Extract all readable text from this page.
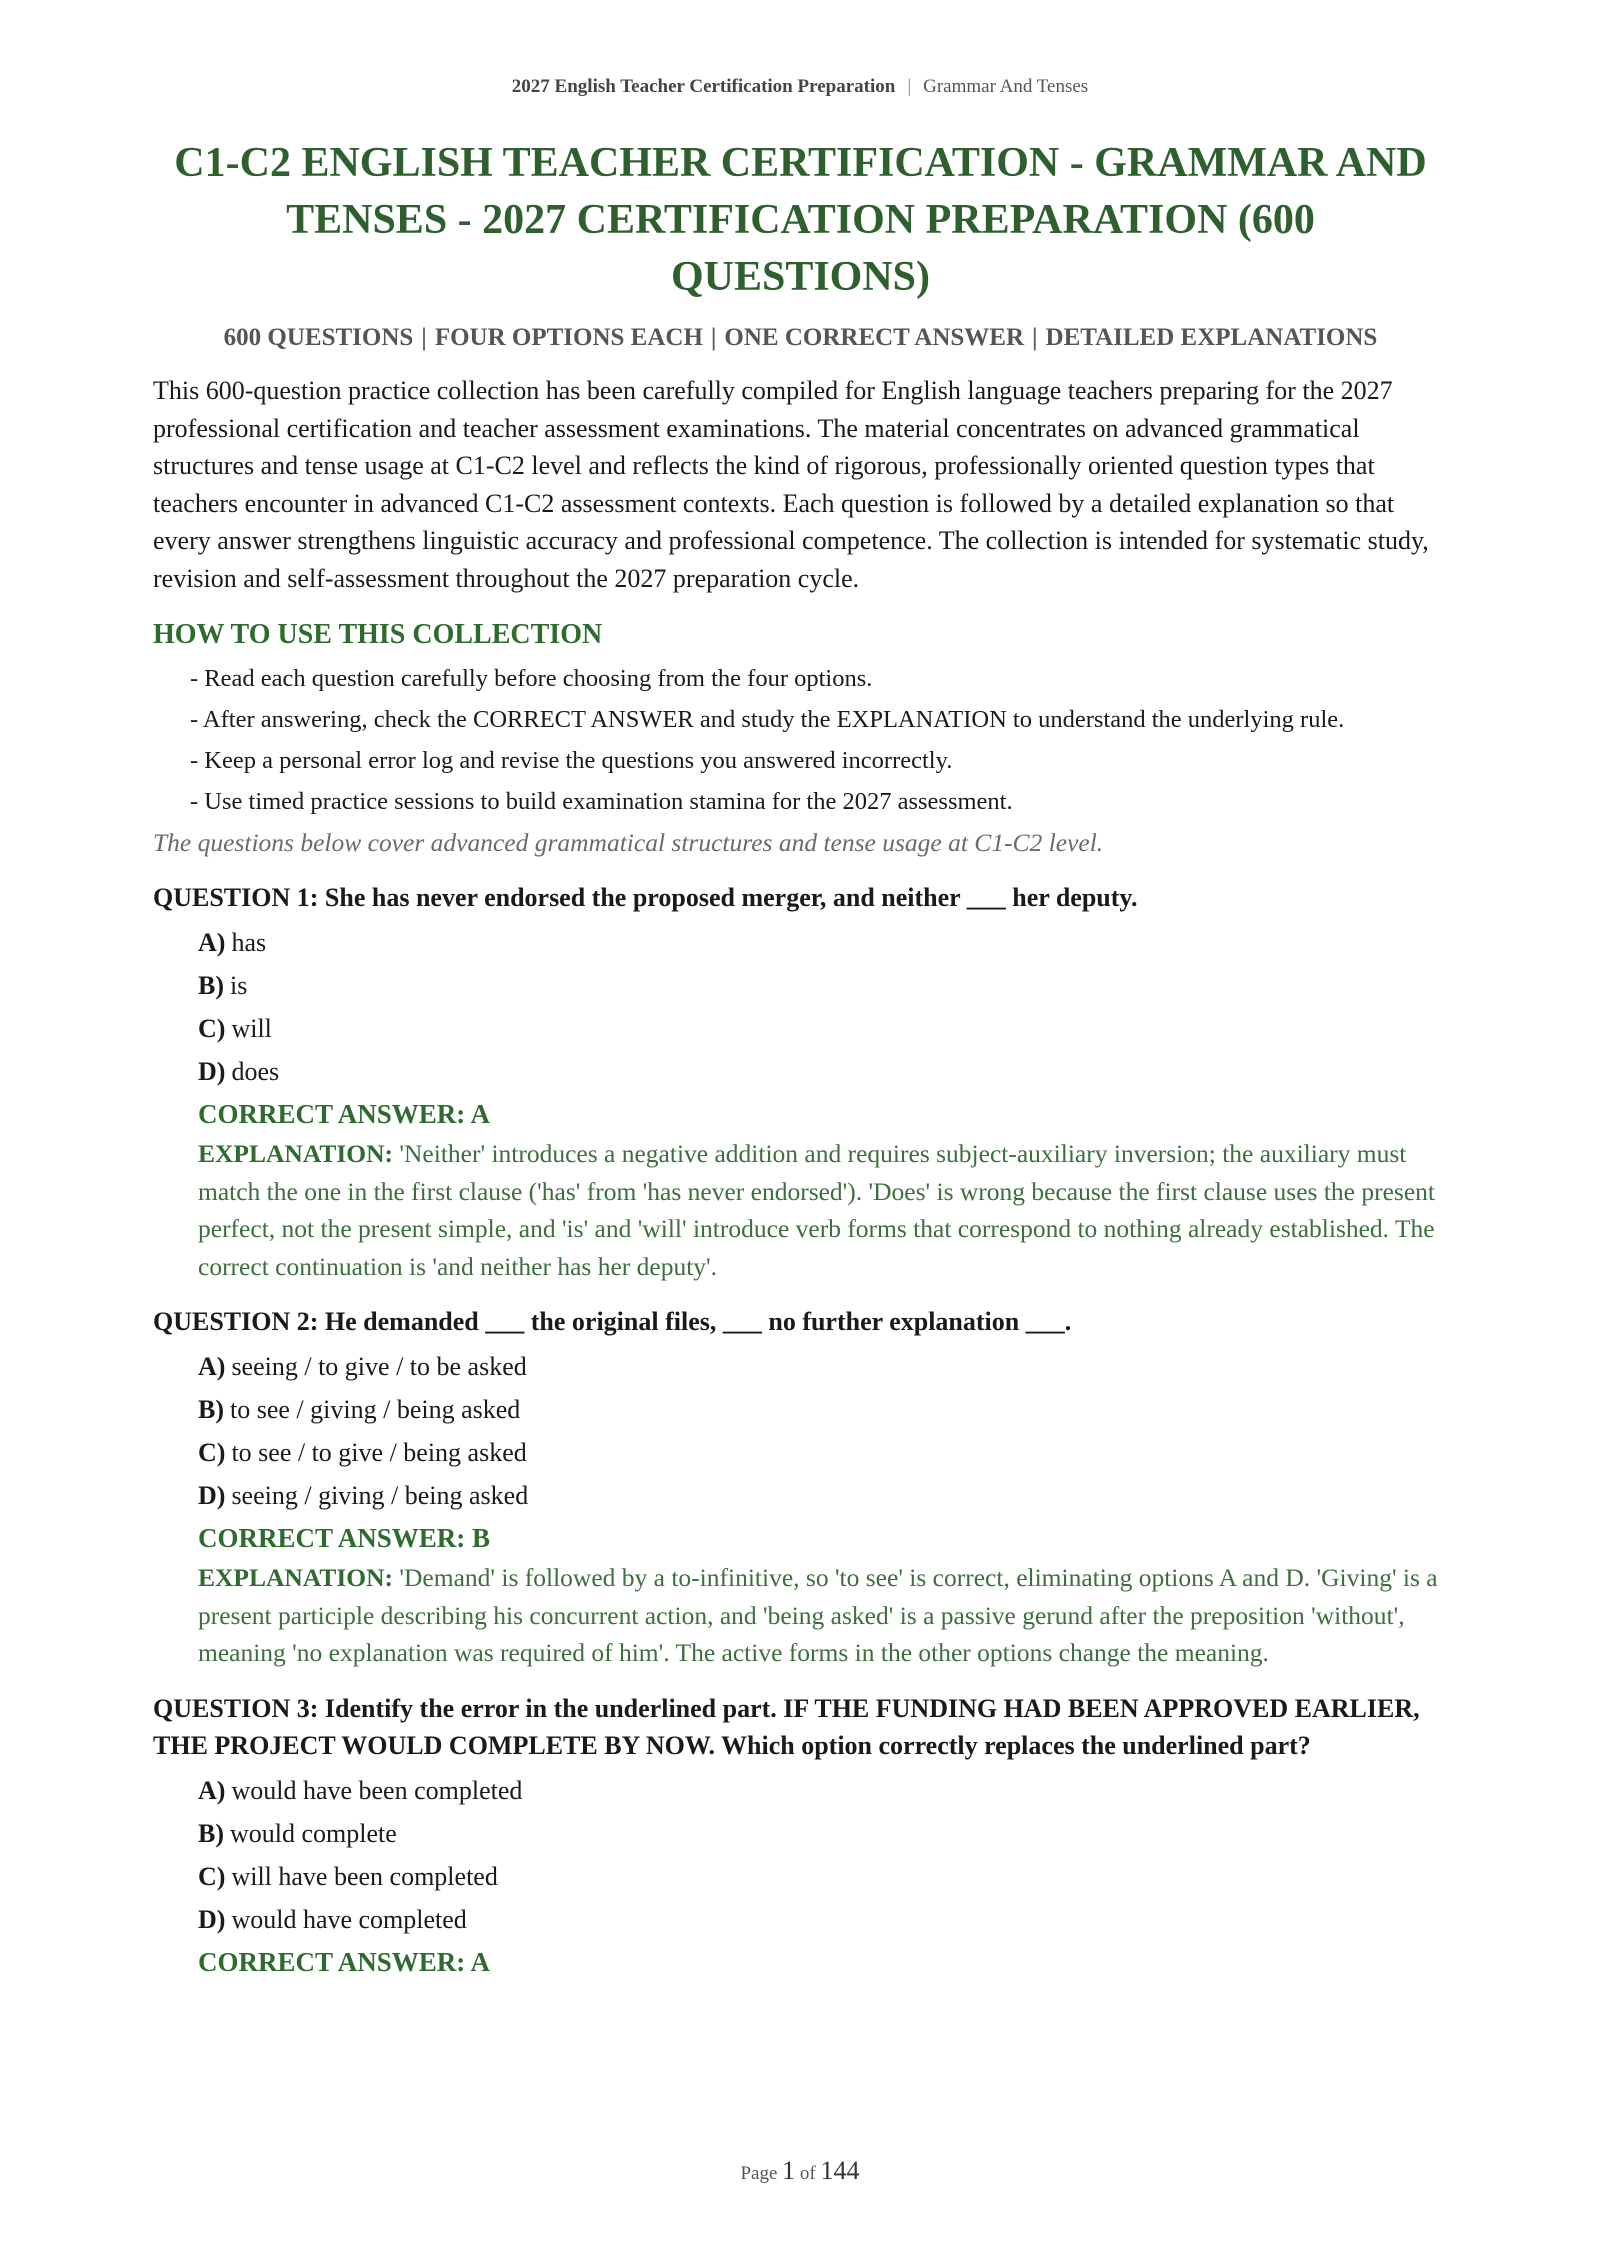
2027 English Teacher Certification Preparation | Grammar And Tenses
C1-C2 ENGLISH TEACHER CERTIFICATION - GRAMMAR AND TENSES - 2027 CERTIFICATION PREPARATION (600 QUESTIONS)
600 QUESTIONS | FOUR OPTIONS EACH | ONE CORRECT ANSWER | DETAILED EXPLANATIONS

This 600-question practice collection has been carefully compiled for English language teachers preparing for the 2027 professional certification and teacher assessment examinations. The material concentrates on advanced grammatical structures and tense usage at C1-C2 level and reflects the kind of rigorous, professionally oriented question types that teachers encounter in advanced C1-C2 assessment contexts. Each question is followed by a detailed explanation so that every answer strengthens linguistic accuracy and professional competence. The collection is intended for systematic study, revision and self-assessment throughout the 2027 preparation cycle.

HOW TO USE THIS COLLECTION
- Read each question carefully before choosing from the four options.
- After answering, check the CORRECT ANSWER and study the EXPLANATION to understand the underlying rule.
- Keep a personal error log and revise the questions you answered incorrectly.
- Use timed practice sessions to build examination stamina for the 2027 assessment.

The questions below cover advanced grammatical structures and tense usage at C1-C2 level.

QUESTION 1: She has never endorsed the proposed merger, and neither ___ her deputy.

A) has
B) is
C) will
D) does
CORRECT ANSWER: A
EXPLANATION: 'Neither' introduces a negative addition and requires subject-auxiliary inversion; the auxiliary must match the one in the first clause ('has' from 'has never endorsed'). 'Does' is wrong because the first clause uses the present perfect, not the present simple, and 'is' and 'will' introduce verb forms that correspond to nothing already established. The correct continuation is 'and neither has her deputy'.

QUESTION 2: He demanded ___ the original files, ___ no further explanation ___.

A) seeing / to give / to be asked
B) to see / giving / being asked
C) to see / to give / being asked
D) seeing / giving / being asked
CORRECT ANSWER: B
EXPLANATION: 'Demand' is followed by a to-infinitive, so 'to see' is correct, eliminating options A and D. 'Giving' is a present participle describing his concurrent action, and 'being asked' is a passive gerund after the preposition 'without', meaning 'no explanation was required of him'. The active forms in the other options change the meaning.

QUESTION 3: Identify the error in the underlined part. IF THE FUNDING HAD BEEN APPROVED EARLIER, THE PROJECT WOULD COMPLETE BY NOW. Which option correctly replaces the underlined part?

A) would have been completed
B) would complete
C) will have been completed
D) would have completed
CORRECT ANSWER: A
Page 1 of 144
